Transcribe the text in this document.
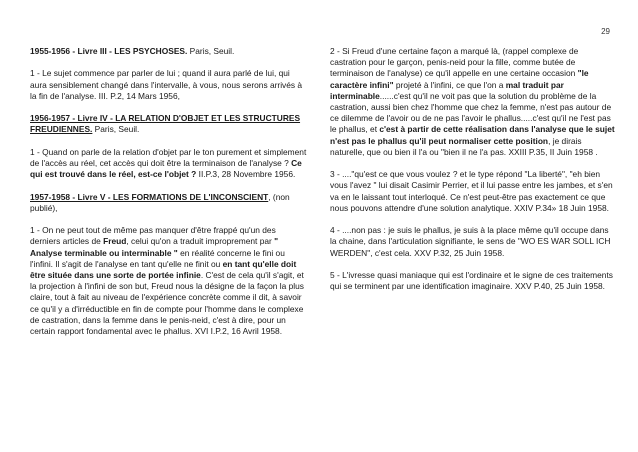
29

1955-1956 - Livre III - LES PSYCHOSES. Paris, Seuil.

1 - Le sujet commence par parler de lui ; quand il aura parlé de lui, qui aura sensiblement changé dans l'intervalle, à vous, nous serons arrivés à la fin de l'analyse. III. P.2, 14 Mars 1956,

1956-1957 - Livre IV - LA RELATION D'OBJET ET LES STRUCTURES FREUDIENNES. Paris, Seuil.

1 - Quand on parle de la relation d'objet par le ton purement et simplement de l'accès au réel, cet accès qui doit être la terminaison de l'analyse ? Ce qui est trouvé dans le réel, est-ce l'objet ? II.P.3, 28 Novembre 1956.

1957-1958 - Livre V - LES FORMATIONS DE L'INCONSCIENT, (non publié),

1 - On ne peut tout de même pas manquer d'être frappé qu'un des derniers articles de Freud, celui qu'on a traduit improprement par " Analyse terminable ou interminable " en réalité concerne le fini ou l'infini. Il s'agit de l'analyse en tant qu'elle ne finit ou en tant qu'elle doit être située dans une sorte de portée infinie. C'est de cela qu'il s'agit, et la projection à l'infini de son but, Freud nous la désigne de la façon la plus claire, tout à fait au niveau de l'expérience concrète comme il dit, à savoir ce qu'il y a d'irréductible en fin de compte pour l'homme dans le complexe de castration, dans la femme dans le penis-neid, c'est à dire, pour un certain rapport fondamental avec le phallus. XVI I.P.2, 16 Avril 1958.

2 - Si Freud d'une certaine façon a marqué là, (rappel complexe de castration pour le garçon, penis-neid pour la fille, comme butée de terminaison de l'analyse) ce qu'il appelle en une certaine occasion "le caractère infini" projeté à l'infini, ce que l'on a mal traduit par interminable......c'est qu'il ne voit pas que la solution du problème de la castration, aussi bien chez l'homme que chez la femme, n'est pas autour de ce dilemme de l'avoir ou de ne pas l'avoir le phallus.....c'est qu'il ne l'est pas le phallus, et c'est à partir de cette réalisation dans l'analyse que le sujet n'est pas le phallus qu'il peut normaliser cette position, je dirais naturelle, que ou bien il l'a ou "bien il ne l'a pas. XXIII P.35, II Juin 1958 .

3 - ...."qu'est ce que vous voulez ? et le type répond "La liberté", "eh bien vous l'avez " lui disait Casimir Perrier, et il lui passe entre les jambes, et s'en va en le laissant tout interloqué. Ce n'est peut-être pas exactement ce que nous pouvons attendre d'une solution analytique. XXIV P.34» 18 Juin 1958.

4 - ....non pas : je suis le phallus, je suis à la place même qu'il occupe dans la chaine, dans l'articulation signifiante, le sens de "WO ES WAR SOLL ICH WERDEN", c'est cela. XXV P.32, 25 Juin 1958.

5 - L'ivresse quasi maniaque qui est l'ordinaire et le signe de ces traitements qui se terminent par une identification imaginaire. XXV P.40, 25 Juin 1958.
